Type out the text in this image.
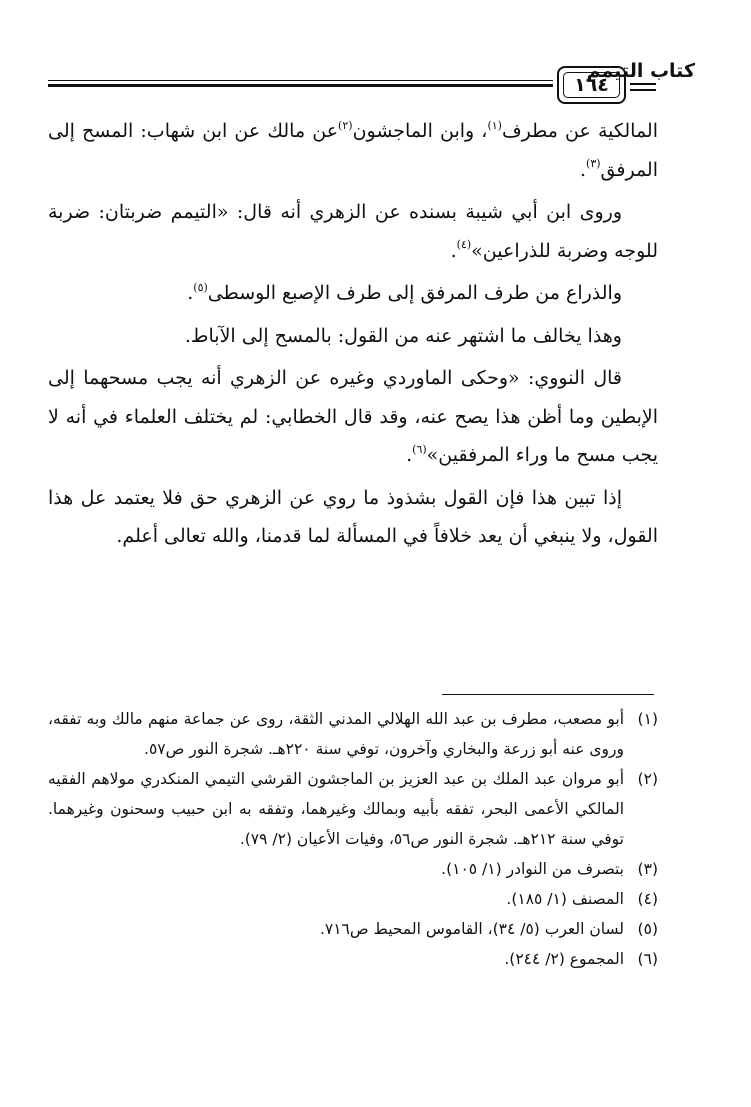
كتاب التيمم
١٦٤

المالكية عن مطرف$^{(١)}$، وابن الماجشون$^{(٢)}$عن مالك عن ابن شهاب: المسح إلى المرفق$^{(٣)}$.

وروى ابن أبي شيبة بسنده عن الزهري أنه قال: «التيمم ضربتان: ضربة للوجه وضربة للذراعين»$^{(٤)}$.

والذراع من طرف المرفق إلى طرف الإصبع الوسطى$^{(٥)}$.

وهذا يخالف ما اشتهر عنه من القول: بالمسح إلى الآباط.

قال النووي: «وحكى الماوردي وغيره عن الزهري أنه يجب مسحهما إلى الإبطين وما أظن هذا يصح عنه، وقد قال الخطابي: لم يختلف العلماء في أنه لا يجب مسح ما وراء المرفقين»$^{(٦)}$.

إذا تبين هذا فإن القول بشذوذ ما روي عن الزهري حق فلا يعتمد عل هذا القول، ولا ينبغي أن يعد خلافاً في المسألة لما قدمنا، والله تعالى أعلم.

(١)
أبو مصعب، مطرف بن عبد الله الهلالي المدني الثقة، روى عن جماعة منهم مالك وبه تفقه، وروى عنه أبو زرعة والبخاري وآخرون، توفي سنة ٢٢٠هـ. شجرة النور ص٥٧.

(٢)
أبو مروان عبد الملك بن عبد العزيز بن الماجشون القرشي التيمي المنكدري مولاهم الفقيه المالكي الأعمى البحر، تفقه بأبيه وبمالك وغيرهما، وتفقه به ابن حبيب وسحنون وغيرهما. توفي سنة ٢١٢هـ. شجرة النور ص٥٦، وفيات الأعيان (٢/ ٧٩).

(٣)
بتصرف من النوادر (١/ ١٠٥).

(٤)
المصنف (١/ ١٨٥).

(٥)
لسان العرب (٥/ ٣٤)، القاموس المحيط ص٧١٦.

(٦)
المجموع (٢/ ٢٤٤).
